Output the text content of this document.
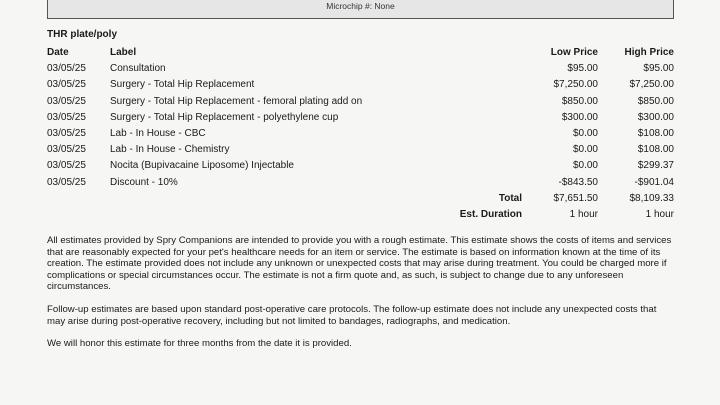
Microchip #: None
THR plate/poly
Date	Label	Low Price	High Price
03/05/25 Consultation	$95.00	$95.00
03/05/25 Surgery - Total Hip Replacement	$7,250.00	$7,250.00
03/05/25 Surgery - Total Hip Replacement - femoral plating add on	$850.00	$850.00
03/05/25 Surgery - Total Hip Replacement - polyethylene cup	$300.00	$300.00
03/05/25 Lab - In House - CBC	$0.00	$108.00
03/05/25 Lab - In House - Chemistry	$0.00	$108.00
03/05/25 Nocita (Bupivacaine Liposome) Injectable	$0.00	$299.37
03/05/25 Discount - 10%	-$843.50	-$901.04
Total	$7,651.50	$8,109.33
Est. Duration	1 hour	1 hour

All estimates provided by Spry Companions are intended to provide you with a rough estimate. This estimate shows the costs of items and services that are reasonably expected for your pet's healthcare needs for an item or service. The estimate is based on information known at the time of its creation. The estimate provided does not include any unknown or unexpected costs that may arise during treatment. You could be charged more if complications or special circumstances occur. The estimate is not a firm quote and, as such, is subject to change due to any unforeseen circumstances.

Follow-up estimates are based upon standard post-operative care protocols. The follow-up estimate does not include any unexpected costs that may arise during post-operative recovery, including but not limited to bandages, radiographs, and medication.

We will honor this estimate for three months from the date it is provided.
